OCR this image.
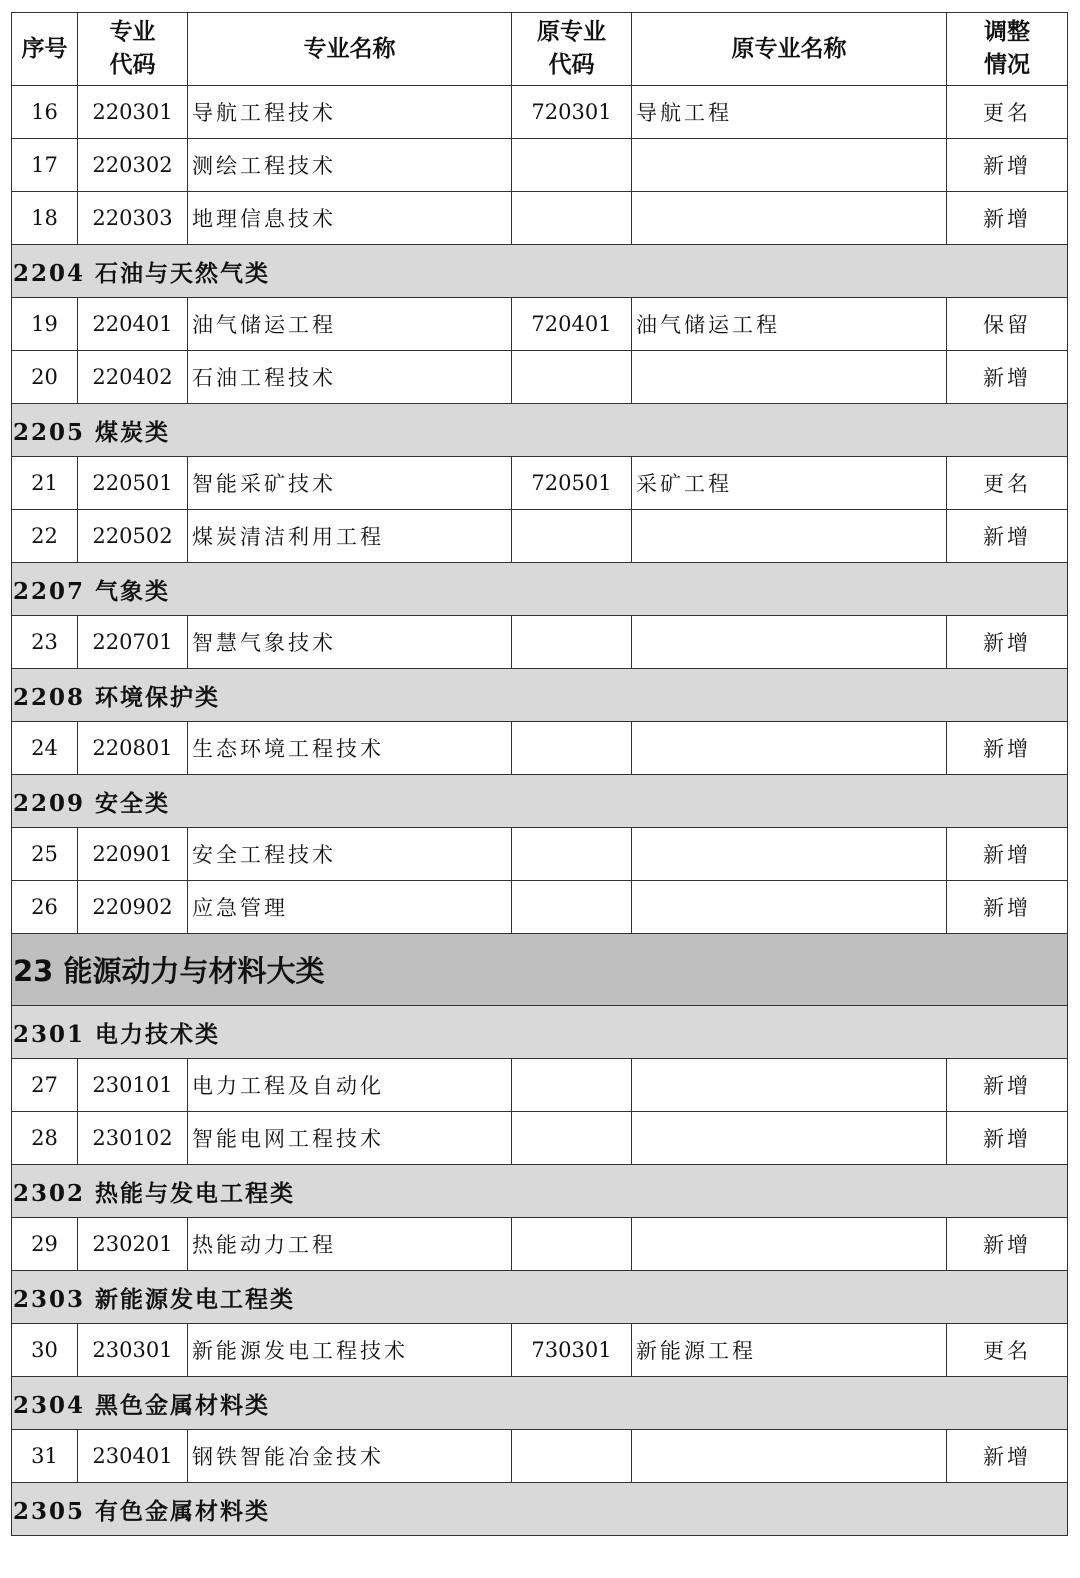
序号	专业代码	专业名称	原专业代码	原专业名称	调整情况

16	220301	导航工程技术	720301	导航工程	更名
17	220302	测绘工程技术			新增
18	220303	地理信息技术			新增
2204 石油与天然气类					
19	220401	油气储运工程	720401	油气储运工程	保留
20	220402	石油工程技术			新增
2205 煤炭类					
21	220501	智能采矿技术	720501	采矿工程	更名
22	220502	煤炭清洁利用工程			新增
2207 气象类					
23	220701	智慧气象技术			新增
2208 环境保护类					
24	220801	生态环境工程技术			新增
2209 安全类					
25	220901	安全工程技术			新增
26	220902	应急管理			新增
23 能源动力与材料大类					
2301 电力技术类					
27	230101	电力工程及自动化			新增
28	230102	智能电网工程技术			新增
2302 热能与发电工程类					
29	230201	热能动力工程			新增
2303 新能源发电工程类					
30	230301	新能源发电工程技术	730301	新能源工程	更名
2304 黑色金属材料类					
31	230401	钢铁智能冶金技术			新增
2305 有色金属材料类					
